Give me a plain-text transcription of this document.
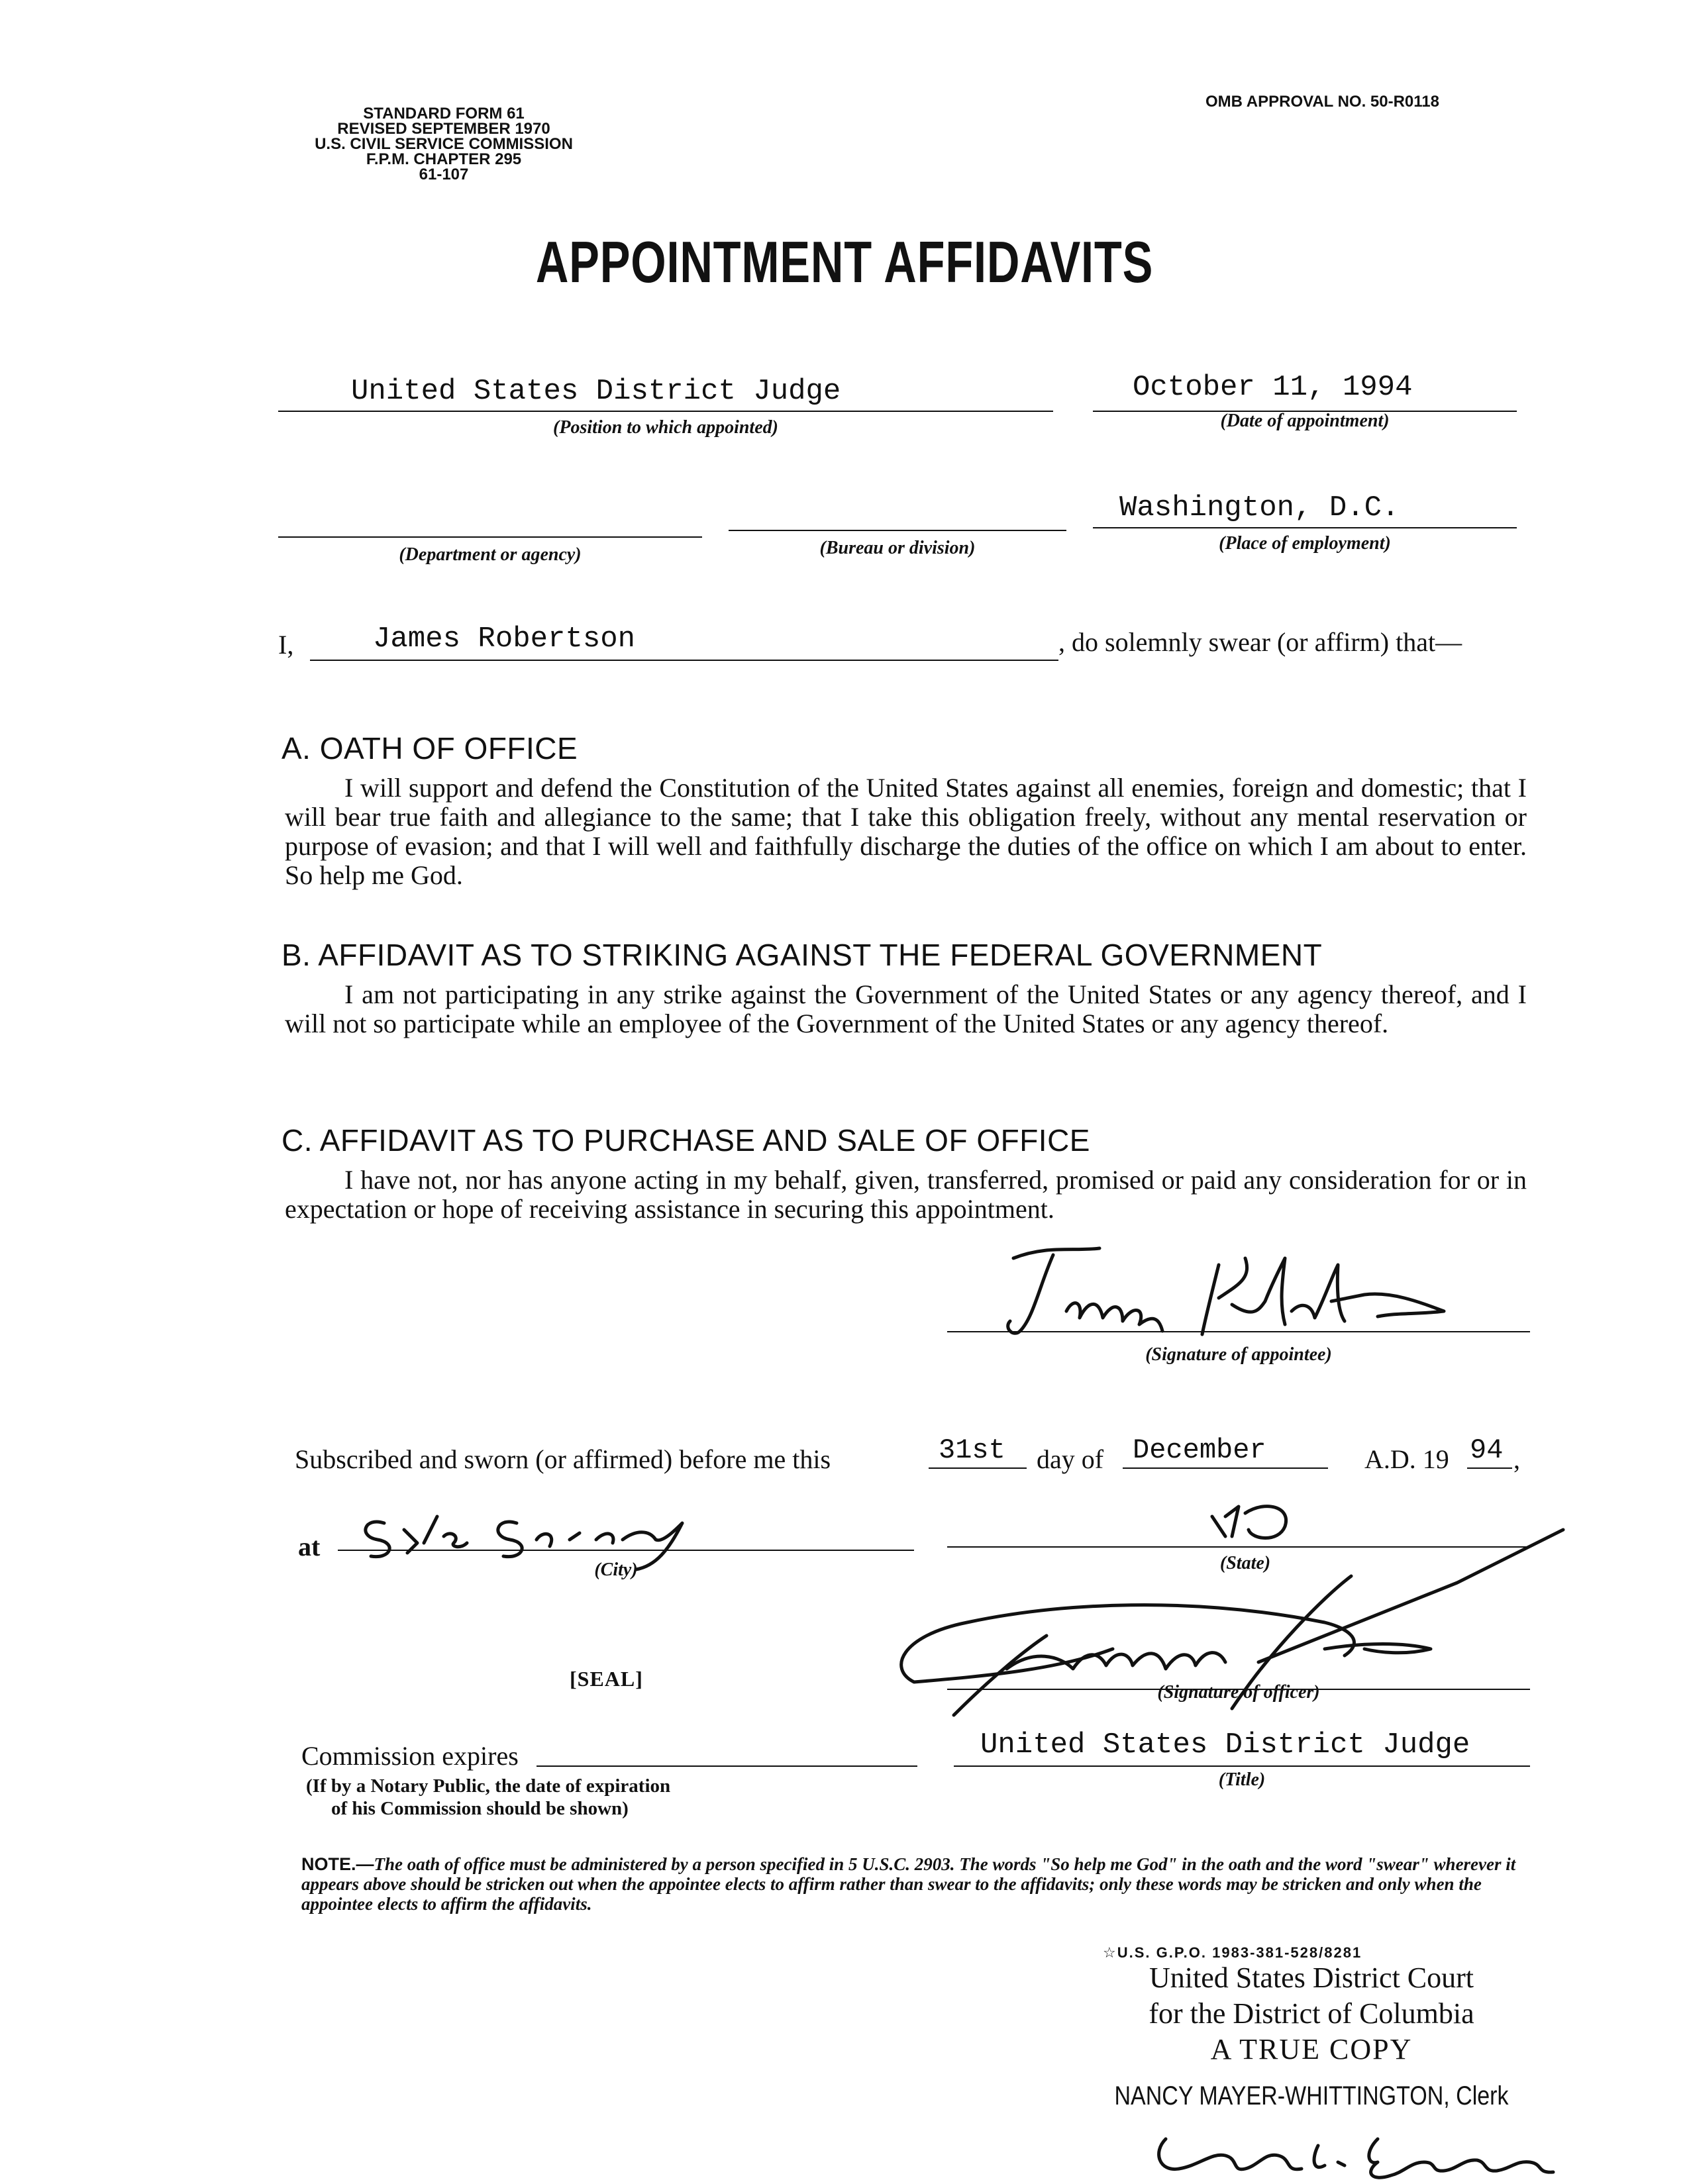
STANDARD FORM 61
REVISED SEPTEMBER 1970
U.S. CIVIL SERVICE COMMISSION
F.P.M. CHAPTER 295
61-107
OMB APPROVAL NO. 50-R0118
APPOINTMENT AFFIDAVITS
United States District Judge
(Position to which appointed)
October 11, 1994
(Date of appointment)
(Department or agency)	(Bureau or division)
Washington, D.C.
(Place of employment)
I,	James Robertson	, do solemnly swear (or affirm) that—
A. OATH OF OFFICE
I will support and defend the Constitution of the United States against all enemies, foreign and domestic; that I will bear true faith and allegiance to the same; that I take this obligation freely, without any mental reservation or purpose of evasion; and that I will well and faithfully discharge the duties of the office on which I am about to enter. So help me God.
B. AFFIDAVIT AS TO STRIKING AGAINST THE FEDERAL GOVERNMENT
I am not participating in any strike against the Government of the United States or any agency thereof, and I will not so participate while an employee of the Government of the United States or any agency thereof.
C. AFFIDAVIT AS TO PURCHASE AND SALE OF OFFICE
I have not, nor has anyone acting in my behalf, given, transferred, promised or paid any consideration for or in expectation or hope of receiving assistance in securing this appointment.
(Signature of appointee)
Subscribed and sworn (or affirmed) before me this	31st day of December	A.D. 19 94 ,
at
(City)	(State)
[SEAL]
(Signature of officer)
Commission expires
(If by a Notary Public, the date of expiration
of his Commission should be shown)
United States District Judge
(Title)
NOTE.—The oath of office must be administered by a person specified in 5 U.S.C. 2903. The words "So help me God" in the oath and the word "swear" wherever it appears above should be stricken out when the appointee elects to affirm rather than swear to the affidavits; only these words may be stricken and only when the appointee elects to affirm the affidavits.
☆U.S. G.P.O. 1983-381-528/8281
United States District Court
for the District of Columbia
A TRUE COPY
NANCY MAYER-WHITTINGTON, Clerk
